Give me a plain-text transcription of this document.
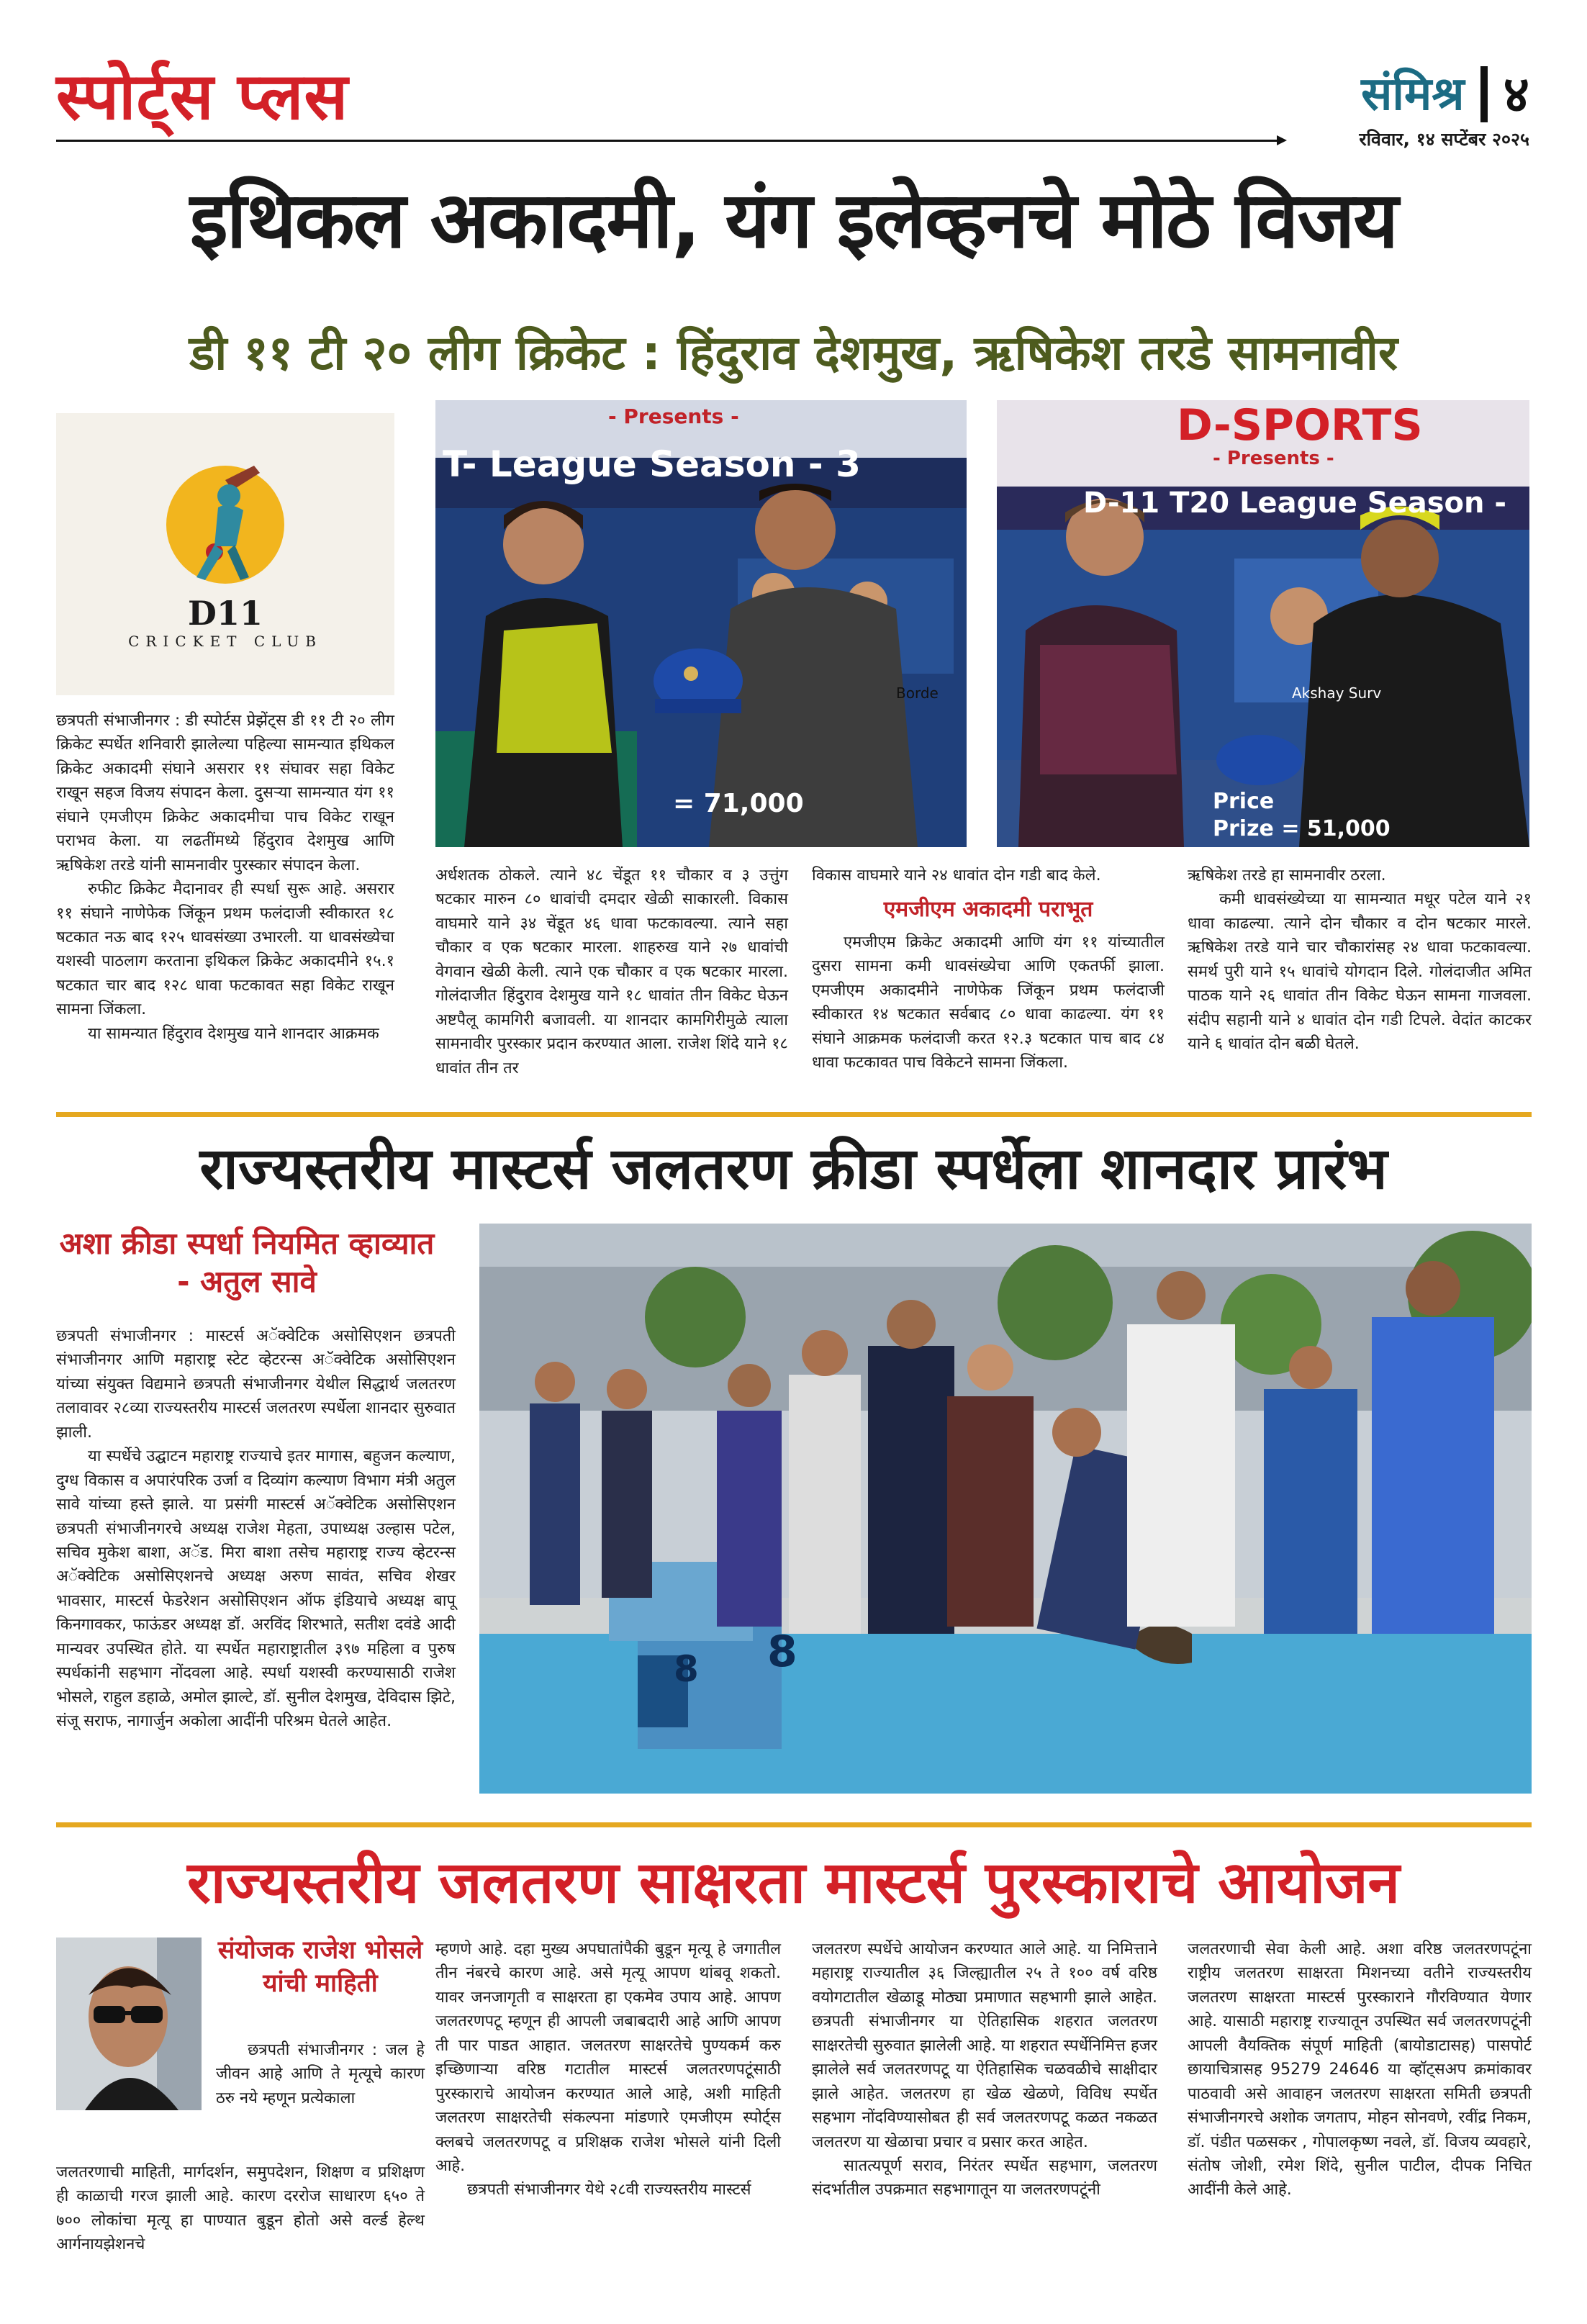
स्पोर्ट्स प्लस	संमिश्र ४
रविवार, १४ सप्टेंबर २०२५
इथिकल अकादमी, यंग इलेव्हनचे मोठे विजय
डी ११ टी २० लीग क्रिकेट : हिंदुराव देशमुख, ऋषिकेश तरडे सामनावीर
D11
CRICKET CLUB
- Presents -
T- League Season - 3
Borde
= 71,000
D-SPORTS
- Presents -
D-11 T20 League Season -
Akshay Surv
Price
Prize = 51,000

छत्रपती संभाजीनगर : डी स्पोर्टस प्रेझेंट्स डी ११ टी २० लीग क्रिकेट स्पर्धेत शनिवारी झालेल्या पहिल्या सामन्यात इथिकल क्रिकेट अकादमी संघाने असरार ११ संघावर सहा विकेट राखून सहज विजय संपादन केला. दुसऱ्या सामन्यात यंग ११ संघाने एमजीएम क्रिकेट अकादमीचा पाच विकेट राखून पराभव केला. या लढतींमध्ये हिंदुराव देशमुख आणि ऋषिकेश तरडे यांनी सामनावीर पुरस्कार संपादन केला.

रुफीट क्रिकेट मैदानावर ही स्पर्धा सुरू आहे. असरार ११ संघाने नाणेफेक जिंकून प्रथम फलंदाजी स्वीकारत १८ षटकात नऊ बाद १२५ धावसंख्या उभारली. या धावसंख्येचा यशस्वी पाठलाग करताना इथिकल क्रिकेट अकादमीने १५.१ षटकात चार बाद १२८ धावा फटकावत सहा विकेट राखून सामना जिंकला.

या सामन्यात हिंदुराव देशमुख याने शानदार आक्रमक

अर्धशतक ठोकले. त्याने ४८ चेंडूत ११ चौकार व ३ उत्तुंग षटकार मारुन ८० धावांची दमदार खेळी साकारली. विकास वाघमारे याने ३४ चेंडूत ४६ धावा फटकावल्या. त्याने सहा चौकार व एक षटकार मारला. शाहरुख याने २७ धावांची वेगवान खेळी केली. त्याने एक चौकार व एक षटकार मारला. गोलंदाजीत हिंदुराव देशमुख याने १८ धावांत तीन विकेट घेऊन अष्टपैलू कामगिरी बजावली. या शानदार कामगिरीमुळे त्याला सामनावीर पुरस्कार प्रदान करण्यात आला. राजेश शिंदे याने १८ धावांत तीन तर

विकास वाघमारे याने २४ धावांत दोन गडी बाद केले.

एमजीएम अकादमी पराभूत

एमजीएम क्रिकेट अकादमी आणि यंग ११ यांच्यातील दुसरा सामना कमी धावसंख्येचा आणि एकतर्फी झाला. एमजीएम अकादमीने नाणेफेक जिंकून प्रथम फलंदाजी स्वीकारत १४ षटकात सर्वबाद ८० धावा काढल्या. यंग ११ संघाने आक्रमक फलंदाजी करत १२.३ षटकात पाच बाद ८४ धावा फटकावत पाच विकेटने सामना जिंकला.

ऋषिकेश तरडे हा सामनावीर ठरला.

कमी धावसंख्येच्या या सामन्यात मधूर पटेल याने २१ धावा काढल्या. त्याने दोन चौकार व दोन षटकार मारले. ऋषिकेश तरडे याने चार चौकारांसह २४ धावा फटकावल्या. समर्थ पुरी याने १५ धावांचे योगदान दिले. गोलंदाजीत अमित पाठक याने २६ धावांत तीन विकेट घेऊन सामना गाजवला. संदीप सहानी याने ४ धावांत दोन गडी टिपले. वेदांत काटकर याने ६ धावांत दोन बळी घेतले.

राज्यस्तरीय मास्टर्स जलतरण क्रीडा स्पर्धेला शानदार प्रारंभ
अशा क्रीडा स्पर्धा नियमित व्हाव्यात - अतुल सावे
8 8

छत्रपती संभाजीनगर : मास्टर्स अॅक्वेटिक असोसिएशन छत्रपती संभाजीनगर आणि महाराष्ट्र स्टेट व्हेटरन्स अॅक्वेटिक असोसिएशन यांच्या संयुक्त विद्यमाने छत्रपती संभाजीनगर येथील सिद्धार्थ जलतरण तलावावर २८व्या राज्यस्तरीय मास्टर्स जलतरण स्पर्धेला शानदार सुरुवात झाली.

या स्पर्धेचे उद्घाटन महाराष्ट्र राज्याचे इतर मागास, बहुजन कल्याण, दुग्ध विकास व अपारंपरिक उर्जा व दिव्यांग कल्याण विभाग मंत्री अतुल सावे यांच्या हस्ते झाले. या प्रसंगी मास्टर्स अॅक्वेटिक असोसिएशन छत्रपती संभाजीनगरचे अध्यक्ष राजेश मेहता, उपाध्यक्ष उल्हास पटेल, सचिव मुकेश बाशा, अॅड. मिरा बाशा तसेच महाराष्ट्र राज्य व्हेटरन्स अॅक्वेटिक असोसिएशनचे अध्यक्ष अरुण सावंत, सचिव शेखर भावसार, मास्टर्स फेडरेशन असोसिएशन ऑफ इंडियाचे अध्यक्ष बापू किनगावकर, फाऊंडर अध्यक्ष डॉ. अरविंद शिरभाते, सतीश दवंडे आदी मान्यवर उपस्थित होते. या स्पर्धेत महाराष्ट्रातील ३९७ महिला व पुरुष स्पर्धकांनी सहभाग नोंदवला आहे. स्पर्धा यशस्वी करण्यासाठी राजेश भोसले, राहुल डहाळे, अमोल झाल्टे, डॉ. सुनील देशमुख, देविदास झिटे, संजू सराफ, नागार्जुन अकोला आदींनी परिश्रम घेतले आहेत.

राज्यस्तरीय जलतरण साक्षरता मास्टर्स पुरस्काराचे आयोजन
संयोजक राजेश भोसले यांची माहिती

छत्रपती संभाजीनगर : जल हे जीवन आहे आणि ते मृत्यूचे कारण ठरु नये म्हणून प्रत्येकाला

जलतरणाची माहिती, मार्गदर्शन, समुपदेशन, शिक्षण व प्रशिक्षण ही काळाची गरज झाली आहे. कारण दररोज साधारण ६५० ते ७०० लोकांचा मृत्यू हा पाण्यात बुडून होतो असे वर्ल्ड हेल्थ आर्गनायझेशनचे

म्हणणे आहे. दहा मुख्य अपघातांपैकी बुडून मृत्यू हे जगातील तीन नंबरचे कारण आहे. असे मृत्यू आपण थांबवू शकतो. यावर जनजागृती व साक्षरता हा एकमेव उपाय आहे. आपण जलतरणपटू म्हणून ही आपली जबाबदारी आहे आणि आपण ती पार पाडत आहात. जलतरण साक्षरतेचे पुण्यकर्म करु इच्छिणाऱ्या वरिष्ठ गटातील मास्टर्स जलतरणपटूंसाठी पुरस्काराचे आयोजन करण्यात आले आहे, अशी माहिती जलतरण साक्षरतेची संकल्पना मांडणारे एमजीएम स्पोर्ट्स क्लबचे जलतरणपटू व प्रशिक्षक राजेश भोसले यांनी दिली आहे.

छत्रपती संभाजीनगर येथे २८वी राज्यस्तरीय मास्टर्स

जलतरण स्पर्धेचे आयोजन करण्यात आले आहे. या निमित्ताने महाराष्ट्र राज्यातील ३६ जिल्ह्यातील २५ ते १०० वर्ष वरिष्ठ वयोगटातील खेळाडू मोठ्या प्रमाणात सहभागी झाले आहेत. छत्रपती संभाजीनगर या ऐतिहासिक शहरात जलतरण साक्षरतेची सुरुवात झालेली आहे. या शहरात स्पर्धेनिमित्त हजर झालेले सर्व जलतरणपटू या ऐतिहासिक चळवळीचे साक्षीदार झाले आहेत. जलतरण हा खेळ खेळणे, विविध स्पर्धेत सहभाग नोंदविण्यासोबत ही सर्व जलतरणपटू कळत नकळत जलतरण या खेळाचा प्रचार व प्रसार करत आहेत.

सातत्यपूर्ण सराव, निरंतर स्पर्धेत सहभाग, जलतरण संदर्भातील उपक्रमात सहभागातून या जलतरणपटूंनी

जलतरणाची सेवा केली आहे. अशा वरिष्ठ जलतरणपटूंना राष्ट्रीय जलतरण साक्षरता मिशनच्या वतीने राज्यस्तरीय जलतरण साक्षरता मास्टर्स पुरस्काराने गौरविण्यात येणार आहे. यासाठी महाराष्ट्र राज्यातून उपस्थित सर्व जलतरणपटूंनी आपली वैयक्तिक संपूर्ण माहिती (बायोडाटासह) पासपोर्ट छायाचित्रासह 95279 24646 या व्हॉट्सअप क्रमांकावर पाठवावी असे आवाहन जलतरण साक्षरता समिती छत्रपती संभाजीनगरचे अशोक जगताप, मोहन सोनवणे, रवींद्र निकम, डॉ. पंडीत पळसकर , गोपालकृष्ण नवले, डॉ. विजय व्यवहारे, संतोष जोशी, रमेश शिंदे, सुनील पाटील, दीपक निचित आदींनी केले आहे.
